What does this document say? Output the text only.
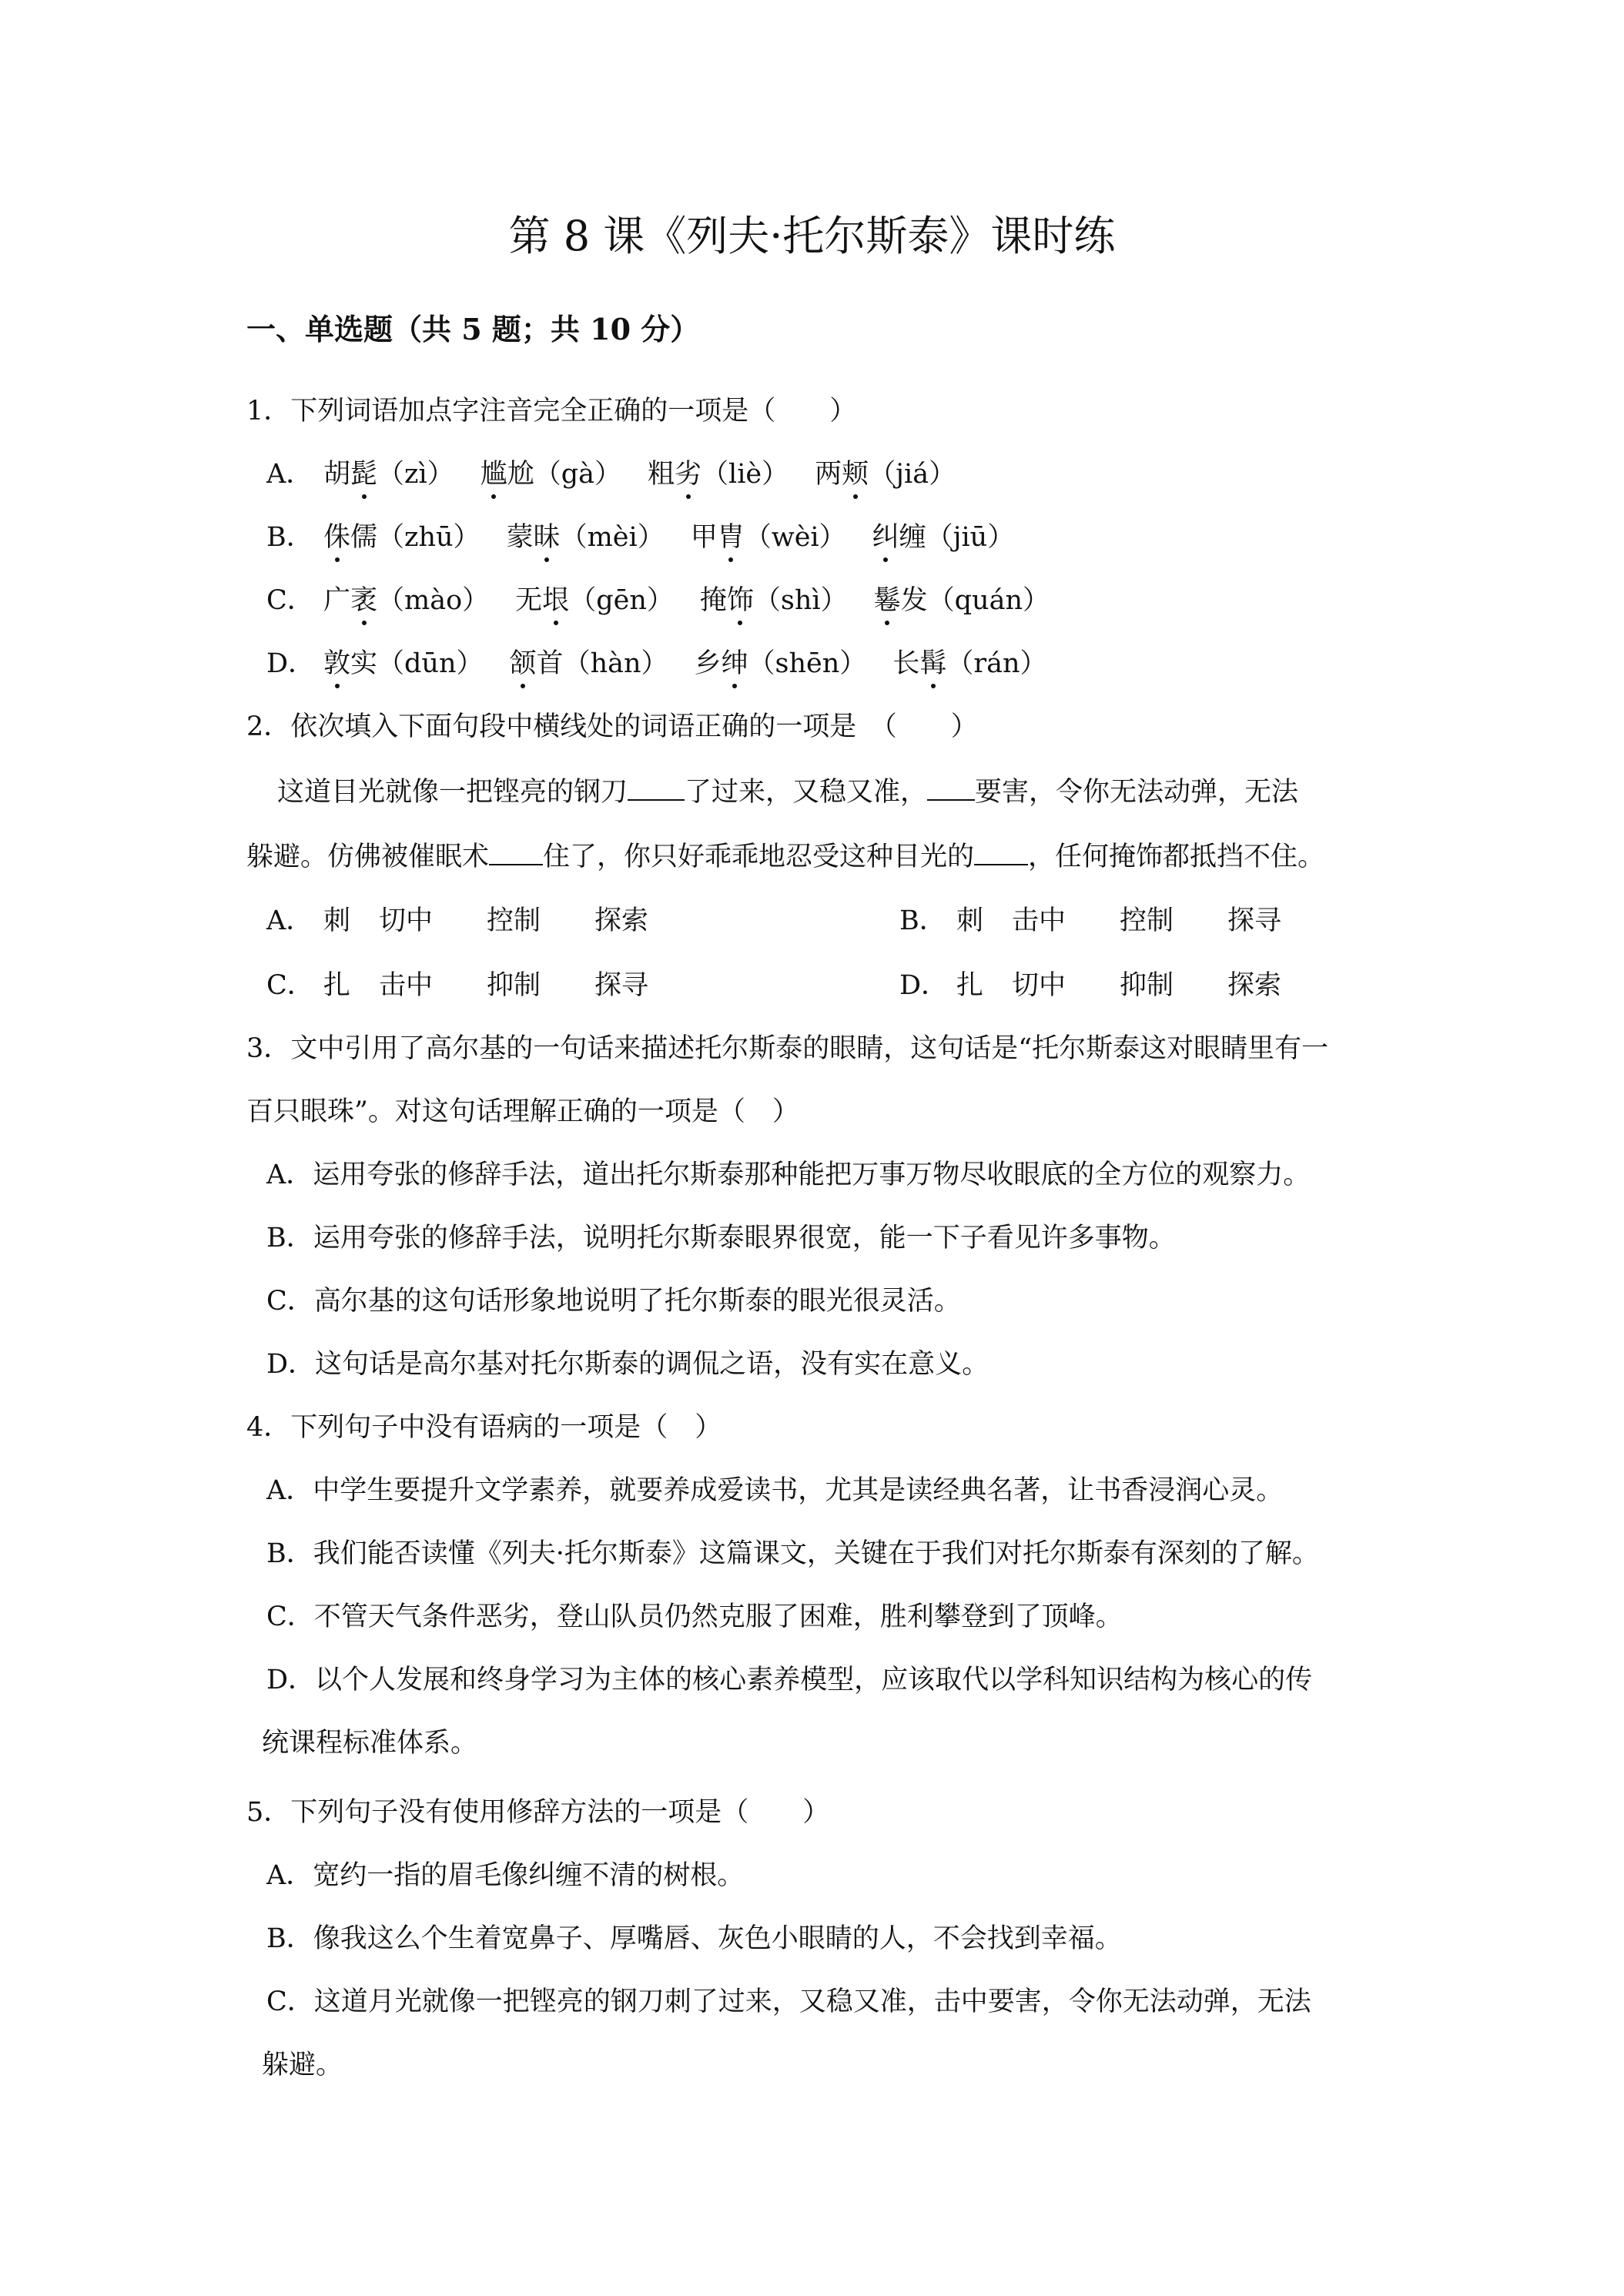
第 8 课《列夫·托尔斯泰》课时练
一、单选题（共 5 题；共 10 分）
1．下列词语加点字注音完全正确的一项是（　　）
A． 胡髭（zì） 尴尬（gà） 粗劣（liè） 两颊（jiá）
B． 侏儒（zhū） 蒙昧（mèi） 甲胄（wèi） 纠缠（jiū）
C． 广袤（mào） 无垠（gēn） 掩饰（shì） 鬈发（quán）
D． 敦实（dūn） 颔首（hàn） 乡绅（shēn） 长髯（rán）
2．依次填入下面句段中横线处的词语正确的一项是　（　　）
这道目光就像一把铿亮的钢刀 了过来，又稳又准， 要害，令你无法动弹，无法
躲避。仿佛被催眠术 住了，你只好乖乖地忍受这种目光的 ，任何掩饰都抵挡不住。
A． 刺 切中 控制 探索	B． 刺 击中 控制 探寻
C． 扎 击中 抑制 探寻	D． 扎 切中 抑制 探索
3．文中引用了高尔基的一句话来描述托尔斯泰的眼睛，这句话是“托尔斯泰这对眼睛里有一
百只眼珠”。对这句话理解正确的一项是（　）
A．运用夸张的修辞手法，道出托尔斯泰那种能把万事万物尽收眼底的全方位的观察力。
B．运用夸张的修辞手法，说明托尔斯泰眼界很宽，能一下子看见许多事物。
C．高尔基的这句话形象地说明了托尔斯泰的眼光很灵活。
D．这句话是高尔基对托尔斯泰的调侃之语，没有实在意义。
4．下列句子中没有语病的一项是（　）
A．中学生要提升文学素养，就要养成爱读书，尤其是读经典名著，让书香浸润心灵。
B．我们能否读懂《列夫·托尔斯泰》这篇课文，关键在于我们对托尔斯泰有深刻的了解。
C．不管天气条件恶劣，登山队员仍然克服了困难，胜利攀登到了顶峰。
D．以个人发展和终身学习为主体的核心素养模型，应该取代以学科知识结构为核心的传
统课程标准体系。
5．下列句子没有使用修辞方法的一项是（　　）
A．宽约一指的眉毛像纠缠不清的树根。
B．像我这么个生着宽鼻子、厚嘴唇、灰色小眼睛的人，不会找到幸福。
C．这道月光就像一把铿亮的钢刀刺了过来，又稳又准，击中要害，令你无法动弹，无法
躲避。
